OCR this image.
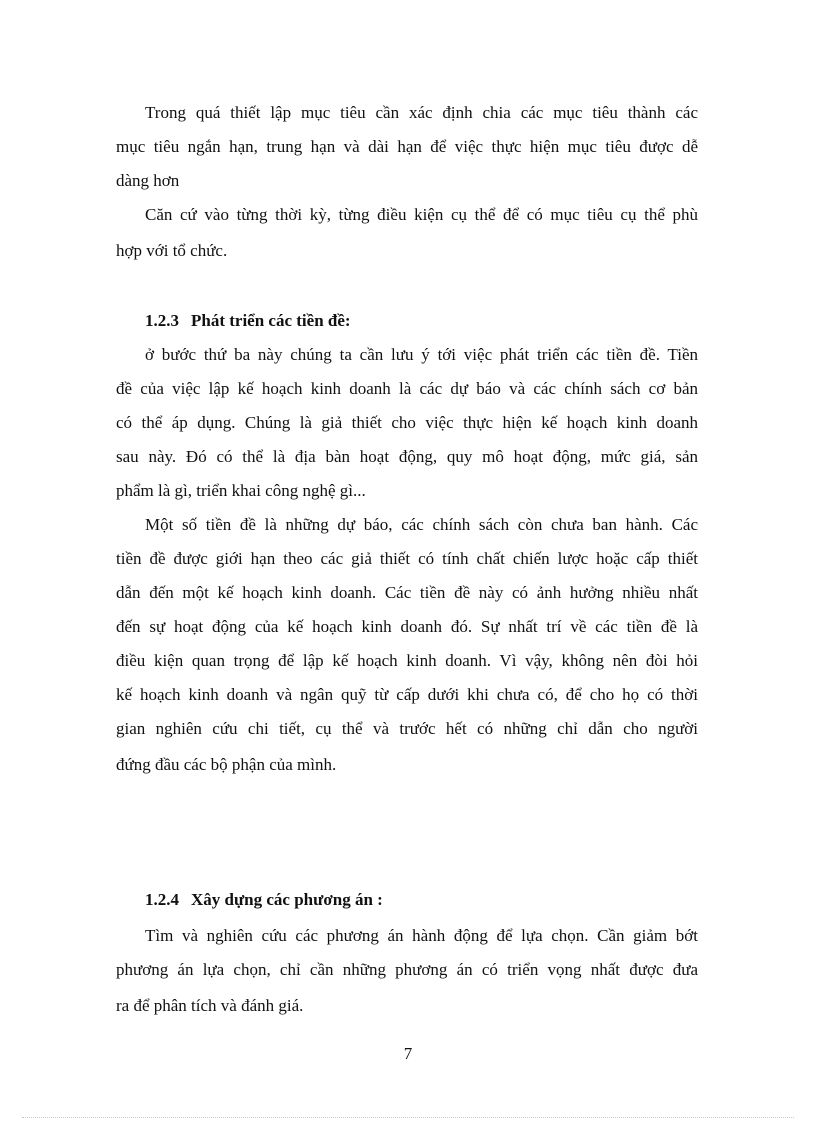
Trong quá thiết lập mục tiêu cần xác định chia các mục tiêu thành các
mục tiêu ngắn hạn, trung hạn và dài hạn để việc thực hiện mục tiêu được dễ
dàng hơn
Căn cứ vào từng thời kỳ, từng điều kiện cụ thể để có mục tiêu cụ thể phù
hợp với tổ chức.
1.2.3 Phát triển các tiền đề:
ở bước thứ ba này chúng ta cần lưu ý tới việc phát triển các tiền đề. Tiền
đề của việc lập kế hoạch kinh doanh là các dự báo và các chính sách cơ bản
có thể áp dụng. Chúng là giả thiết cho việc thực hiện kế hoạch kinh doanh
sau này. Đó có thể là địa bàn hoạt động, quy mô hoạt động, mức giá, sản
phẩm là gì, triển khai công nghệ gì...
Một số tiền đề là những dự báo, các chính sách còn chưa ban hành. Các
tiền đề được giới hạn theo các giả thiết có tính chất chiến lược hoặc cấp thiết
dẫn đến một kế hoạch kinh doanh. Các tiền đề này có ảnh hưởng nhiều nhất
đến sự hoạt động của kế hoạch kinh doanh đó. Sự nhất trí về các tiền đề là
điều kiện quan trọng để lập kế hoạch kinh doanh. Vì vậy, không nên đòi hỏi
kế hoạch kinh doanh và ngân quỹ từ cấp dưới khi chưa có, để cho họ có thời
gian nghiên cứu chi tiết, cụ thể và trước hết có những chỉ dẫn cho người
đứng đầu các bộ phận của mình.
1.2.4 Xây dựng các phương án :
Tìm và nghiên cứu các phương án hành động để lựa chọn. Cần giảm bớt
phương án lựa chọn, chỉ cần những phương án có triển vọng nhất được đưa
ra để phân tích và đánh giá.
7
